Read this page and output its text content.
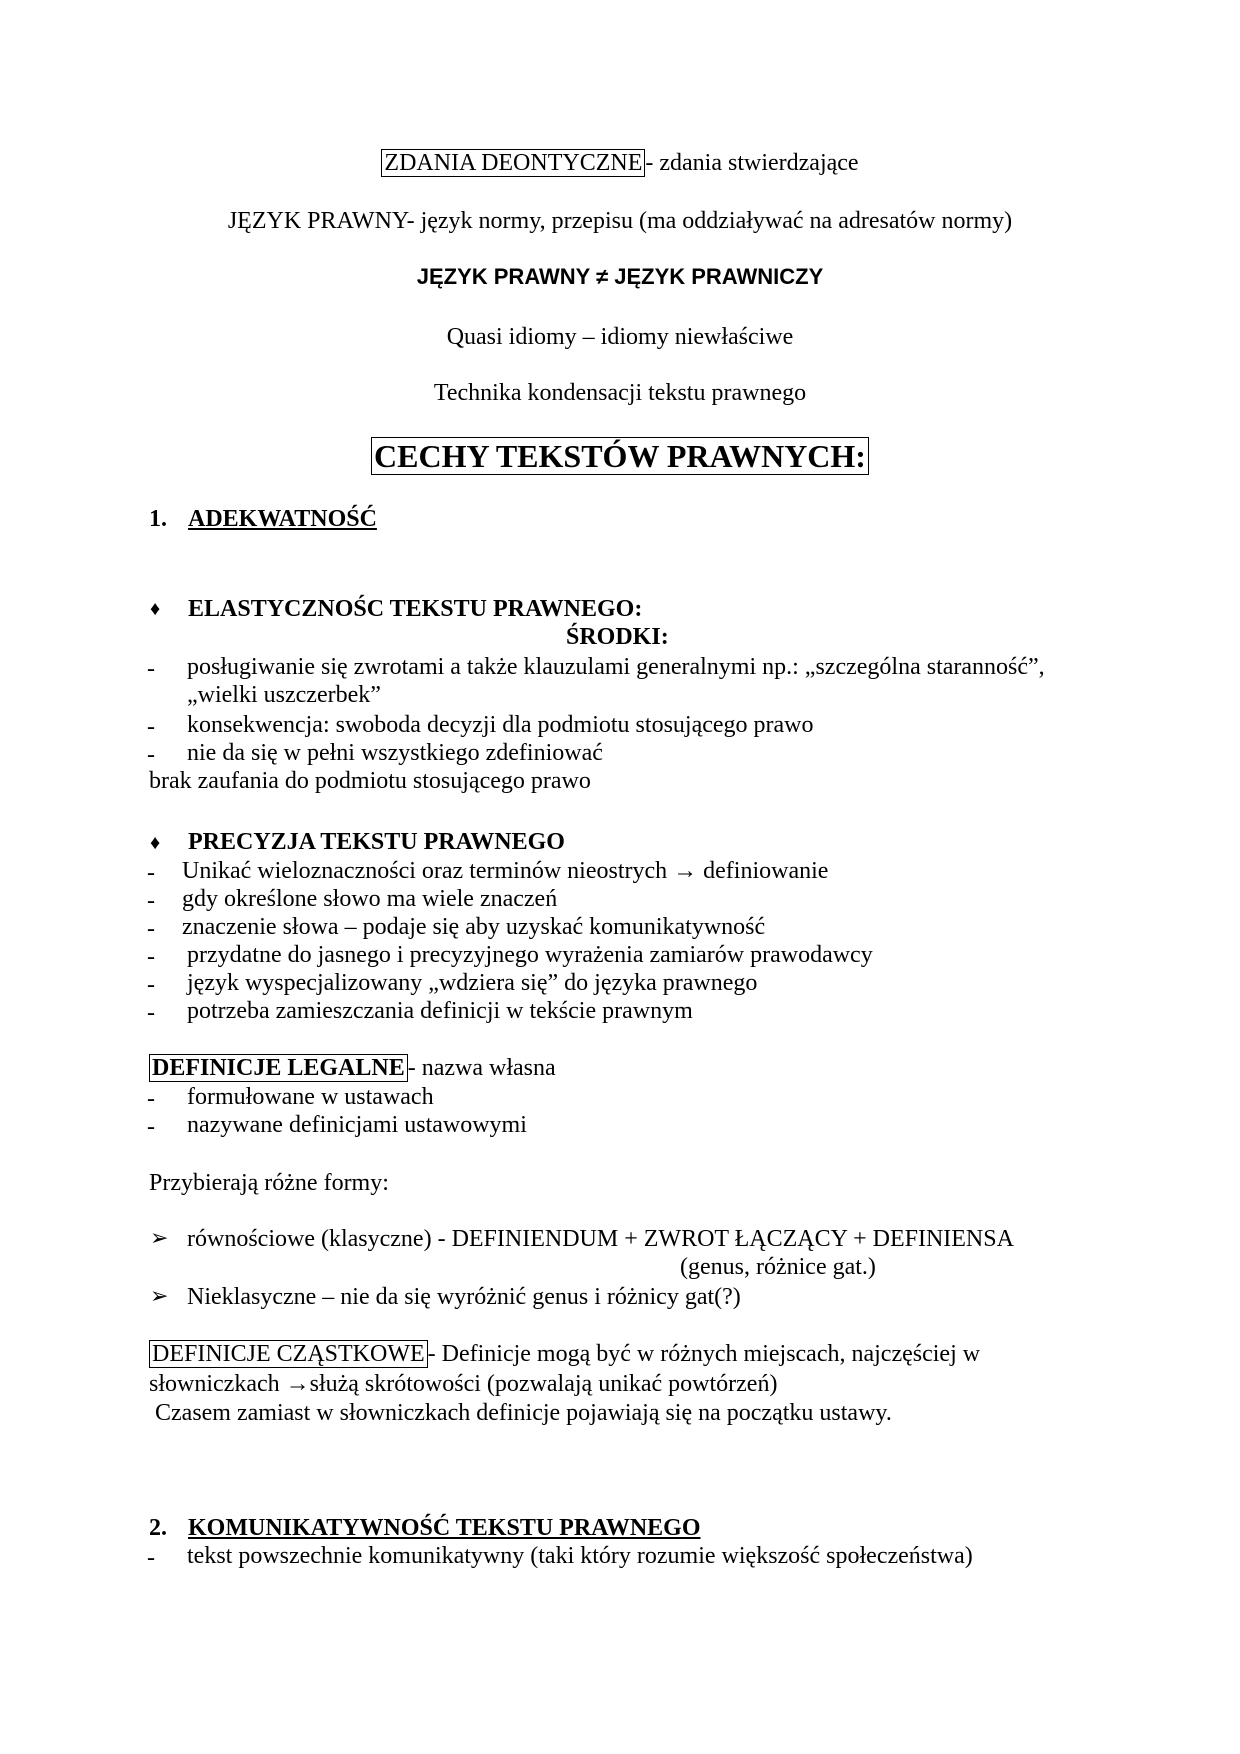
ZDANIA DEONTYCZNE - zdania stwierdzające
JĘZYK PRAWNY- język normy, przepisu (ma oddziaływać na adresatów normy)
JĘZYK PRAWNY ≠ JĘZYK PRAWNICZY
Quasi idiomy – idiomy niewłaściwe
Technika kondensacji tekstu prawnego
CECHY TEKSTÓW PRAWNYCH:
1. ADEKWATNOŚĆ
♦ ELASTYCZNOŚC TEKSTU PRAWNEGO:
ŚRODKI:
- posługiwanie się zwrotami a także klauzulami generalnymi np.: „szczególna staranność”,
„wielki uszczerbek”
- konsekwencja: swoboda decyzji dla podmiotu stosującego prawo
- nie da się w pełni wszystkiego zdefiniować
brak zaufania do podmiotu stosującego prawo
♦ PRECYZJA TEKSTU PRAWNEGO
- Unikać wieloznaczności oraz terminów nieostrych → definiowanie
- gdy określone słowo ma wiele znaczeń
- znaczenie słowa – podaje się aby uzyskać komunikatywność
- przydatne do jasnego i precyzyjnego wyrażenia zamiarów prawodawcy
- język wyspecjalizowany „wdziera się” do języka prawnego
- potrzeba zamieszczania definicji w tekście prawnym
DEFINICJE LEGALNE - nazwa własna
- formułowane w ustawach
- nazywane definicjami ustawowymi
Przybierają różne formy:
➢ równościowe (klasyczne) - DEFINIENDUM + ZWROT ŁĄCZĄCY + DEFINIENSA
(genus, różnice gat.)
➢ Nieklasyczne – nie da się wyróżnić genus i różnicy gat(?)
DEFINICJE CZĄSTKOWE - Definicje mogą być w różnych miejscach, najczęściej w
słowniczkach →służą skrótowości (pozwalają unikać powtórzeń)
Czasem zamiast w słowniczkach definicje pojawiają się na początku ustawy.
2. KOMUNIKATYWNOŚĆ TEKSTU PRAWNEGO
- tekst powszechnie komunikatywny (taki który rozumie większość społeczeństwa)
